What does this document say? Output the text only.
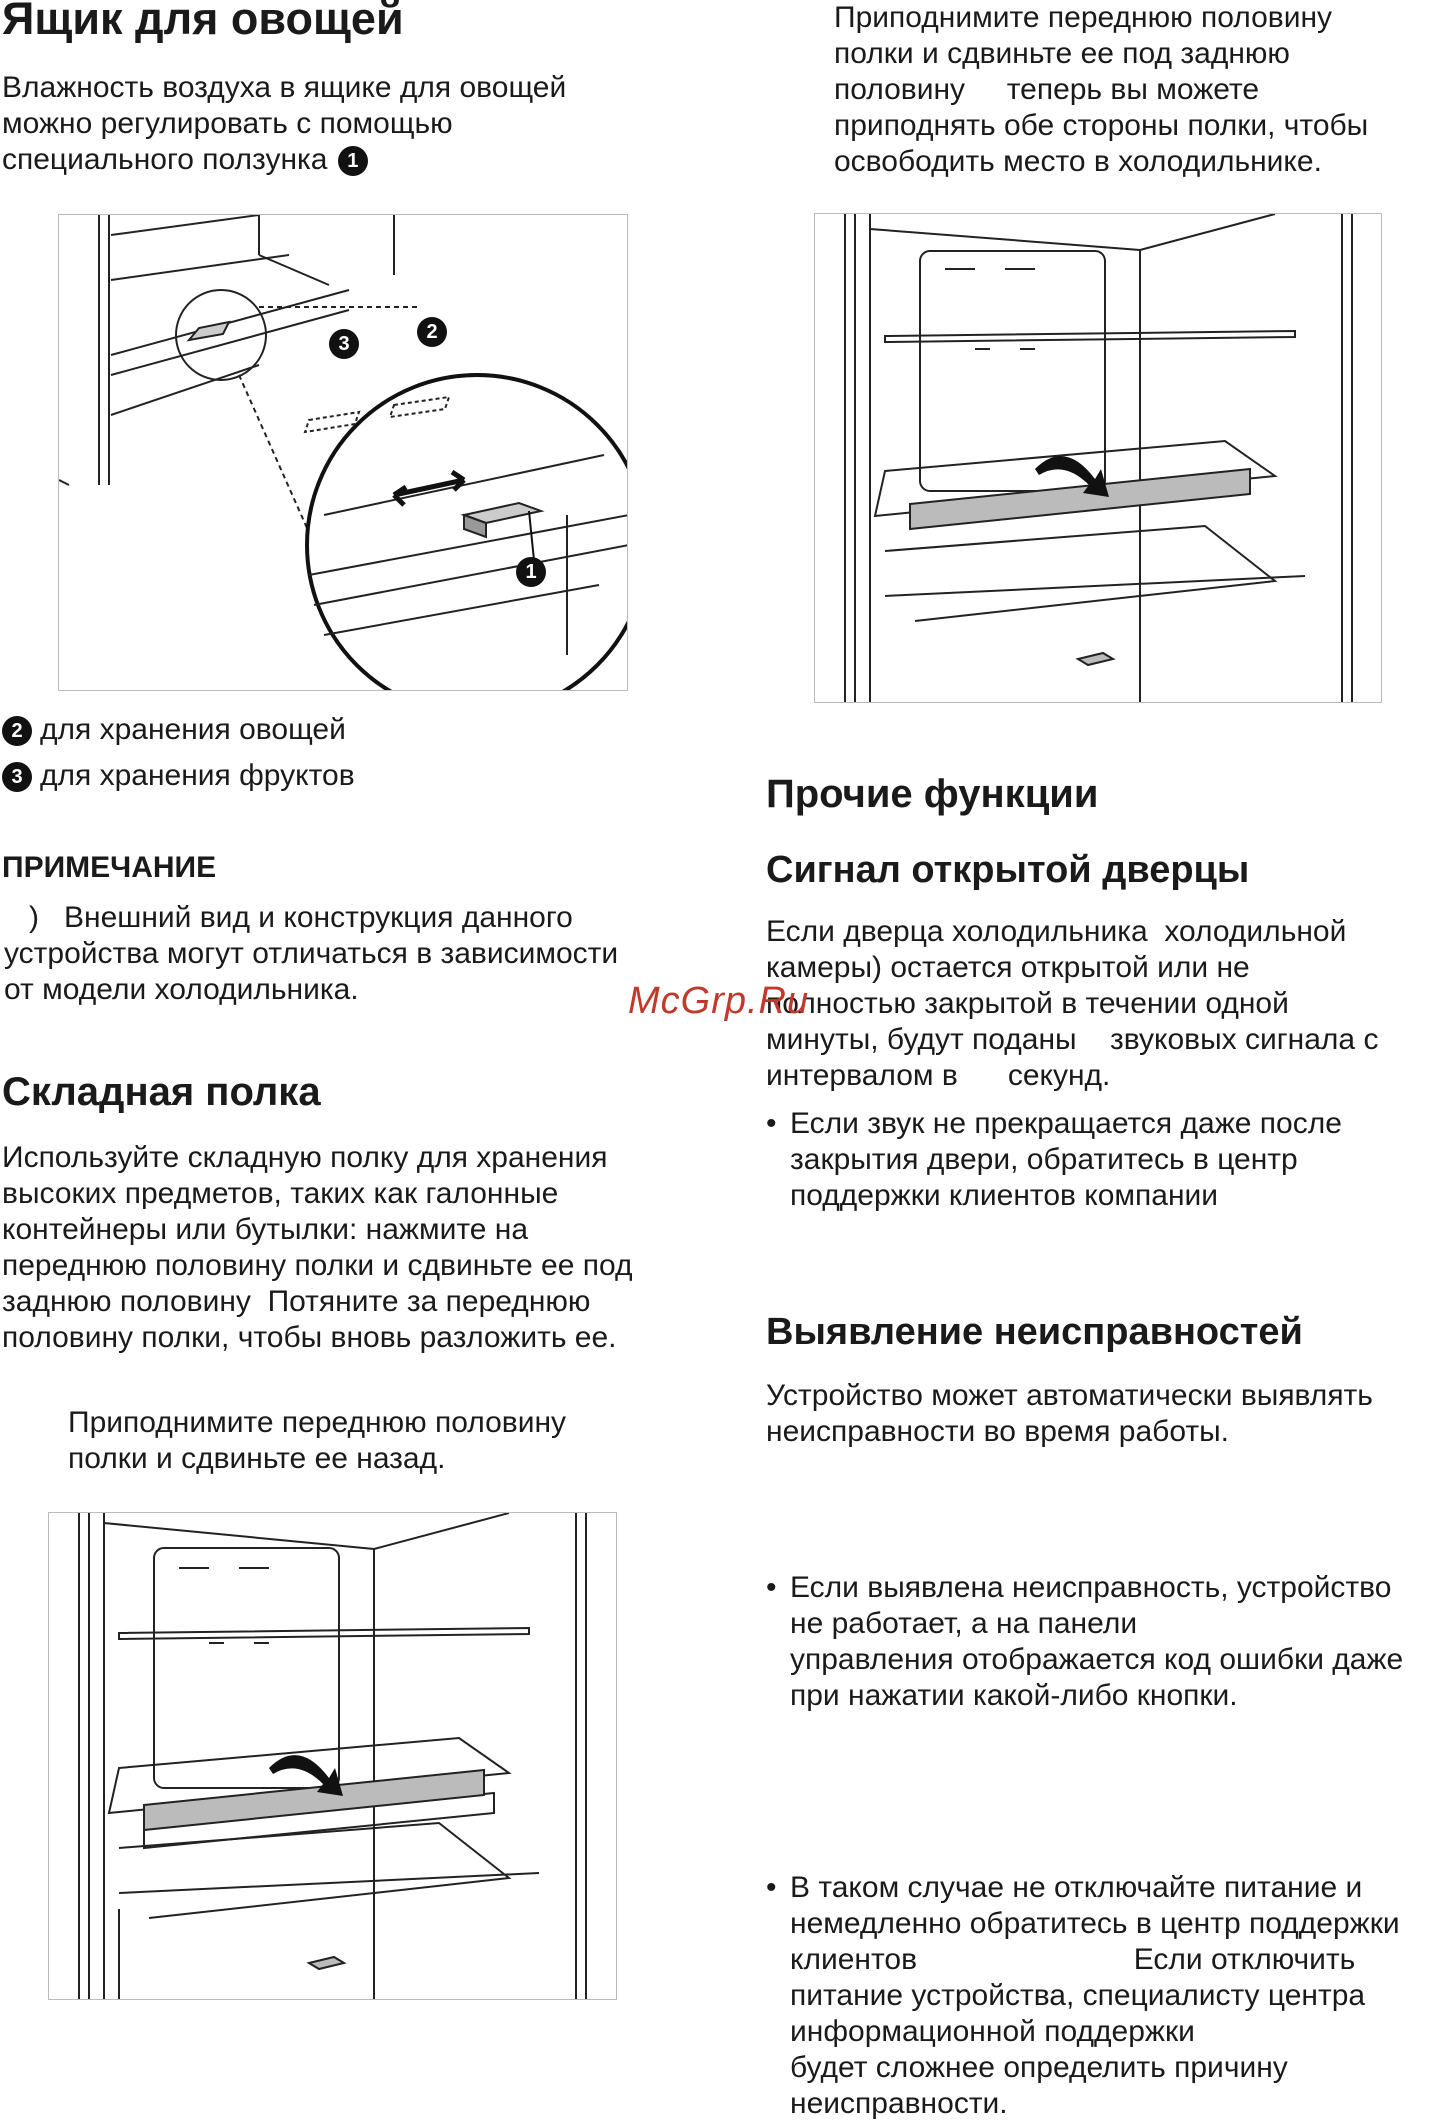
Ящик для овощей
Влажность воздуха в ящике для овощей
можно регулировать с помощью
специального ползунка 1
3
2
1
2 для хранения овощей
3 для хранения фруктов
ПРИМЕЧАНИЕ
)   Внешний вид и конструкция данного
устройства могут отличаться в зависимости
от модели холодильника.
Складная полка
Используйте складную полку для хранения
высоких предметов, таких как галонные
контейнеры или бутылки: нажмите на
переднюю половину полки и сдвиньте ее под
заднюю половину  Потяните за переднюю
половину полки, чтобы вновь разложить ее.
Приподнимите переднюю половину
полки и сдвиньте ее назад.
Приподнимите переднюю половину
полки и сдвиньте ее под заднюю
половину     теперь вы можете
приподнять обе стороны полки, чтобы
освободить место в холодильнике.
Прочие функции
Сигнал открытой дверцы
Если дверца холодильника  холодильной
камеры) остается открытой или не
полностью закрытой в течении одной
минуты, будут поданы    звуковых сигнала с
интервалом в      секунд.
• Если звук не прекращается даже после
закрытия двери, обратитесь в центр
поддержки клиентов компании
Выявление неисправностей
Устройство может автоматически выявлять
неисправности во время работы.
• Если выявлена неисправность, устройство
не работает, а на панели
управления отображается код ошибки даже
при нажатии какой-либо кнопки.
• В таком случае не отключайте питание и
немедленно обратитесь в центр поддержки
клиентов                          Если отключить
питание устройства, специалисту центра
информационной поддержки
будет сложнее определить причину
неисправности.
McGrp.Ru
